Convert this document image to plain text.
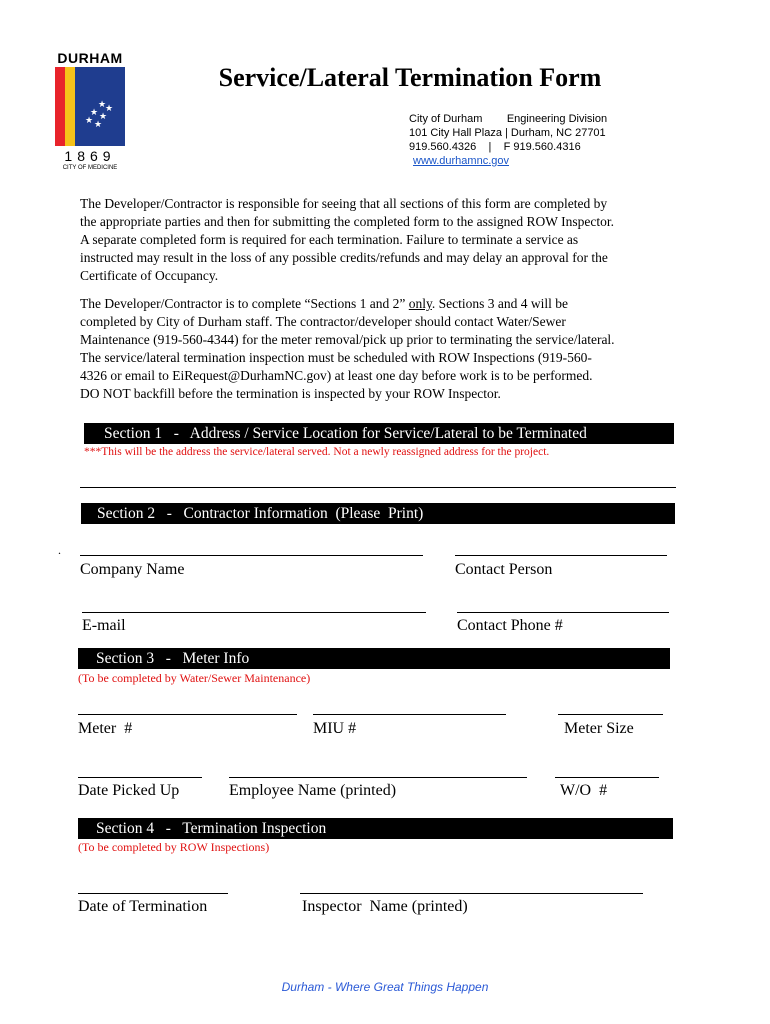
DURHAM
★
★
★ ★
★ ★
1869
CITY OF MEDICINE
Service/Lateral Termination Form
City of Durham Engineering Division
101 City Hall Plaza | Durham, NC 27701
919.560.4326 | F 919.560.4316
www.durhamnc.gov
The Developer/Contractor is responsible for seeing that all sections of this form are completed by
the appropriate parties and then for submitting the completed form to the assigned ROW Inspector.
A separate completed form is required for each termination. Failure to terminate a service as
instructed may result in the loss of any possible credits/refunds and may delay an approval for the
Certificate of Occupancy.
The Developer/Contractor is to complete “Sections 1 and 2” only. Sections 3 and 4 will be
completed by City of Durham staff. The contractor/developer should contact Water/Sewer
Maintenance (919-560-4344) for the meter removal/pick up prior to terminating the service/lateral.
The service/lateral termination inspection must be scheduled with ROW Inspections (919-560-
4326 or email to EiRequest@DurhamNC.gov) at least one day before work is to be performed.
DO NOT backfill before the termination is inspected by your ROW Inspector.
Section 1   -   Address / Service Location for Service/Lateral to be Terminated
***This will be the address the service/lateral served. Not a newly reassigned address for the project.
Section 2   -   Contractor Information  (Please  Print)
.
Company Name	Contact Person
E-mail	Contact Phone #
Section 3   -   Meter Info
(To be completed by Water/Sewer Maintenance)
Meter  #	MIU #	Meter Size
Date Picked Up	Employee Name (printed)	W/O  #
Section 4   -   Termination Inspection
(To be completed by ROW Inspections)
Date of Termination	Inspector  Name (printed)
Durham - Where Great Things Happen
